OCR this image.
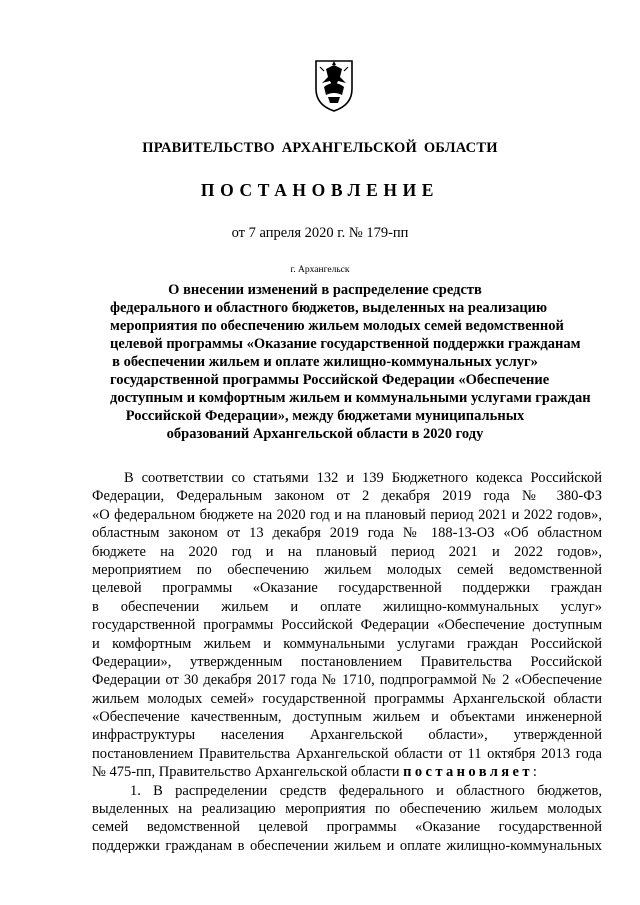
ПРАВИТЕЛЬСТВО АРХАНГЕЛЬСКОЙ ОБЛАСТИ
ПОСТАНОВЛЕНИЕ
от 7 апреля 2020 г. № 179-пп
г. Архангельск
О внесении изменений в распределение средств
федерального и областного бюджетов, выделенных на реализацию
мероприятия по обеспечению жильем молодых семей ведомственной
целевой программы «Оказание государственной поддержки гражданам
в обеспечении жильем и оплате жилищно-коммунальных услуг»
государственной программы Российской Федерации «Обеспечение
доступным и комфортным жильем и коммунальными услугами граждан
Российской Федерации», между бюджетами муниципальных
образований Архангельской области в 2020 году
В соответствии со статьями 132 и 139 Бюджетного кодекса Российской
Федерации, Федеральным законом от 2 декабря 2019 года № 380-ФЗ
«О федеральном бюджете на 2020 год и на плановый период 2021 и 2022 годов»,
областным законом от 13 декабря 2019 года № 188-13-ОЗ «Об областном
бюджете на 2020 год и на плановый период 2021 и 2022 годов»,
мероприятием по обеспечению жильем молодых семей ведомственной
целевой программы «Оказание государственной поддержки граждан
в обеспечении жильем и оплате жилищно-коммунальных услуг»
государственной программы Российской Федерации «Обеспечение доступным
и комфортным жильем и коммунальными услугами граждан Российской
Федерации», утвержденным постановлением Правительства Российской
Федерации от 30 декабря 2017 года № 1710, подпрограммой № 2 «Обеспечение
жильем молодых семей» государственной программы Архангельской области
«Обеспечение качественным, доступным жильем и объектами инженерной
инфраструктуры населения Архангельской области», утвержденной
постановлением Правительства Архангельской области от 11 октября 2013 года
№ 475-пп, Правительство Архангельской области постановляет:
1. В распределении средств федерального и областного бюджетов,
выделенных на реализацию мероприятия по обеспечению жильем молодых
семей ведомственной целевой программы «Оказание государственной
поддержки гражданам в обеспечении жильем и оплате жилищно-коммунальных
